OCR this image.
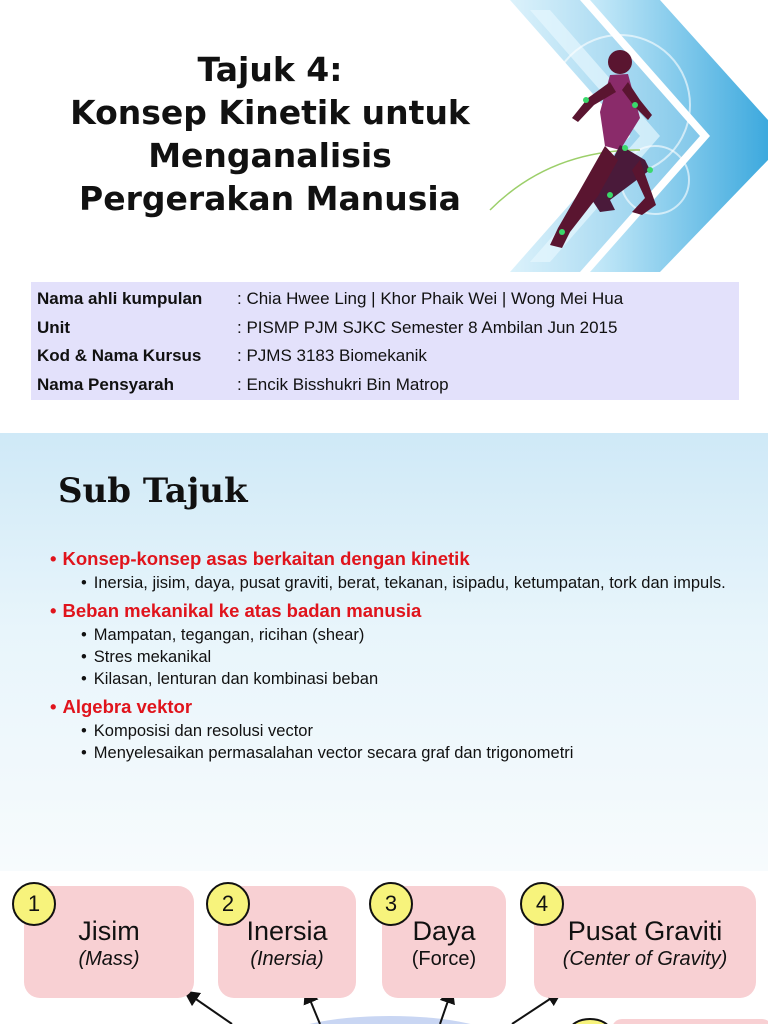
Tajuk 4:
Konsep Kinetik untuk
Menganalisis
Pergerakan Manusia
Nama ahli kumpulan	: Chia Hwee Ling | Khor Phaik Wei | Wong Mei Hua
Unit	: PISMP PJM SJKC Semester 8 Ambilan Jun 2015
Kod & Nama Kursus	: PJMS 3183 Biomekanik
Nama Pensyarah	: Encik Bisshukri Bin Matrop
Sub Tajuk
• Konsep-konsep asas berkaitan dengan kinetik
• Inersia, jisim, daya, pusat graviti, berat, tekanan, isipadu, ketumpatan, tork dan impuls.
• Beban mekanikal ke atas badan manusia
• Mampatan, tegangan, ricihan (shear)
• Stres mekanikal
• Kilasan, lenturan dan kombinasi beban
• Algebra vektor
• Komposisi dan resolusi vector
• Menyelesaikan permasalahan vector secara graf dan trigonometri
Jisim
(Mass)
1
Inersia
(Inersia)
2
Daya
(Force)
3
Pusat Graviti
(Center of Gravity)
4
